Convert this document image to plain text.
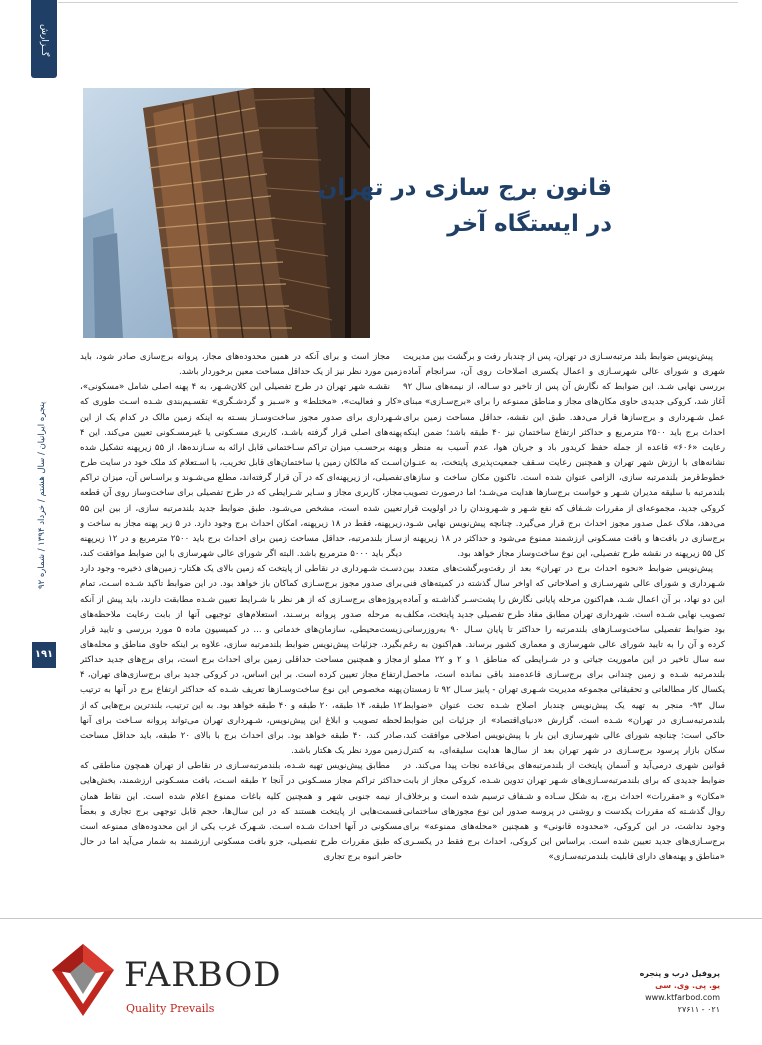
گــزارش
قانون برج سازی در تهران
در ایستگاه آخر

پیش‌نویس ضوابط بلند مرتبه‌سـازی در تهران، پس از چندبار رفت و برگشت بین مدیریت شهری و شورای عالی شهرسـازی و اعمال یکسری اصلاحات روی آن، سرانجام آماده بررسی نهایی شـد. این ضوابط که نگارش آن پس از تاخیر دو سـاله، از نیمه‌های سال ۹۲ آغاز شد، کروکی جدیدی حاوی مکان‌های مجاز و مناطق ممنوعه را برای «برج‌سـازی» مبنای عمل شـهرداری و برج‌سازها قرار می‌دهد. طبق این نقشه، حداقل مساحت زمین برای احداث برج باید ۲۵۰۰ مترمربع و حداکثر ارتفاع ساختمان نیز ۴۰ طبقه باشد؛ ضمن اینکه رعایت «۶۰۶» قاعده از جمله حفظ کریدور باد و جریان هوا، عدم آسیب به منظر و نشانه‌های با ارزش شهر تهران و همچنین رعایت سـقف جمعیت‌پذیری پایتخت، به عنـوان خطوط‌قرمز بلندمرتبه سازی، الزامی عنوان شده است. تاکنون مکان ساخت و سازهای بلندمرتبه با سلیقه مدیران شـهر و خواست برج‌سازها هدایت می‌شـد؛ اما درصورت تصویب کروکی جدید، مجموعه‌ای از مقررات شـفاف که نفع شـهر و شـهروندان را در اولویت قرار می‌دهد، ملاک عمل صدور مجوز احداث برج قرار می‌گیرد. چنانچه پیش‌نویس نهایی شـود، برج‌سازی در بافت‌ها و بافت مسـکونی ارزشمند ممنوع می‌شود و حداکثر در ۱۸ زیرپهنه از کل ۵۵ زیرپهنه در نقشه طرح تفصیلی، این نوع ساخت‌وساز مجاز خواهد بود.

پیش‌نویس ضوابط «نحوه احداث برج در تهران» بعد از رفت‌وبرگشت‌های متعدد بین شـهرداری و شورای عالی شهرسـازی و اصلاحاتی که اواخر سال گذشته در کمیته‌های فنی این دو نهاد، بر آن اعمال شـد، هم‌اکنون مرحله پایانی نگارش را پشت‌سـر گذاشـته و آماده تصویب نهایی شـده است. شهرداری تهران مطابق مفاد طرح تفصیلی جدید پایتخت، مکلف بود ضوابط تفصیلی ساخت‌وسـازهای بلندمرتبه را حداکثر تا پایان سـال ۹۰ به‌روزرسانی کرده و آن را به تایید شورای عالی شهرسازی و معماری کشور برساند. هم‌اکنون به رغم سه سال تاخیر در این ماموریت جیاتی و در شـرایطی که مناطق ۱ و ۲ و ۲۲ مملو از بلندمرتبه شـده و زمین چندانی برای برج‌سـازی قاعده‌مند باقی نمانده است، ماحصل یکسال کار مطالعاتی و تحقیقاتی مجموعه مدیریت شـهری تهران - پاییز سـال ۹۲ تا زمستان سال ۹۳- منجر به تهیه یک پیش‌نویس چندبار اصلاح شـده تحت عنوان «ضوابط بلندمرتبه‌سـازی در تهران» شـده است. گزارش «دنیای‌اقتصاد» از جزئیات این ضوابط حاکی است: چنانچه شورای عالی شهرسازی این بار با پیش‌نویس اصلاحی موافقت کند، سکان بازار پرسود برج‌سـازی در شهر تهران بعد از سال‌ها هدایت سلیقه‌ای، به کنترل قوانین شهری درمی‌آید و آسمان پایتخت از بلندمرتبه‌های بی‌قاعده نجات پیدا می‌کند. در ضوابط جدیدی که برای بلندمرتبه‌سـازی‌های شـهر تهران تدوین شـده، کروکی مجاز از بابت «مکان» و «مقررات» احداث برج، به شکل سـاده و شـفاف ترسیم شده است و برخلاف روال گذشـته که مقررات یکدست و روشنی در پروسه صدور این نوع مجوزهای ساختمانی وجود نداشت، در این کروکی، «محدوده قانونی» و همچنین «محله‌های ممنوعه» برای برج‌سـازی‌های جدید تعیین شده است. براساس این کروکی، احداث برج فقط در یکسـری «مناطق و پهنه‌های دارای قابلیت بلندمرتبه‌سـازی»

مجاز است و برای آنکه در همین محدوده‌های مجاز، پروانه برج‌سازی صادر شود، باید زمین مورد نظر نیز از یک حداقل مساحت معین برخوردار باشد.

نقشـه شهر تهران در طرح تفصیلی این کلان‌شـهر، به ۴ پهنه اصلی شامل «مسکونی»، «کار و فعالیت»، «مختلط» و «سـبز و گردشـگری» تقسـیم‌بندی شـده اسـت طوری که شـهرداری برای صدور مجوز ساخت‌وسـاز بسـته به اینکه زمین مالک در کدام یک از این پهنه‌های اصلی قرار گرفته باشـد، کاربری مسـکونی یا غیرمسـکونی تعیین می‌کند. این ۴ پهنه برحسـب میزان تراکم سـاختمانی قابل ارائه به سـازنده‌ها، از ۵۵ زیرپهنه تشکیل شده اسـت که مالکان زمین یا ساختمان‌های قابل تخریب، با اسـتعلام کد ملک خود در سایت طرح تفصیلی، از زیرپهنه‌ای که در آن قرار گرفته‌اند، مطلع می‌شـوند و براسـاس آن، میزان تراکم مجاز، کاربری مجاز و سـایر شـرایطی که در طرح تفصیلی برای ساخت‌وساز روی آن قطعه تعیین شده است، مشخص می‌شـود. طبق ضوابط جدید بلندمرتبه سازی، از بین این ۵۵ زیرپهنه، فقط در ۱۸ زیرپهنه، امکان احداث برج وجود دارد. در ۵ زیر پهنه مجاز به ساخت و سـاز بلندمرتبه، حداقل مساحت زمین برای احداث برج باید ۲۵۰۰ مترمربع و در ۱۲ زیرپهنه دیگر باید ۵۰۰۰ مترمربع باشد. البته اگر شورای عالی شهرسازی با این ضوابط موافقت کند، دسـت شـهرداری در نقاطی از پایتخت که زمین بالای یک هکتار- زمین‌های ذخیره- وجود دارد برای صدور مجوز برج‌سـازی کماکان باز خواهد بود. در این ضوابط تاکید شـده اسـت، تمام پروژه‌های برج‌سـازی که از هر نظر با شـرایط تعیین شـده مطابقت دارند، باید پیش از آنکه به مرحله صدور پروانه برسـند، استعلام‌های توجیهی آنها از بابت رعایت ملاحظه‌های زیست‌محیطی، سازمان‌های خدماتی و ... در کمیسیون ماده ۵ مورد بررسی و تایید قرار بگیرد. جزئیات پیش‌نویس ضوابط بلندمرتبه سازی، علاوه بر اینکه حاوی مناطق و محله‌های مجاز و همچنین مساحت حداقلی زمین برای احداث برج است، برای برج‌های جدید حداکثر ارتفاع مجاز تعیین کرده است. بر این اساس، در کروکی جدید برای برج‌سازی‌های تهران، ۴ پهنه مخصوص این نوع ساخت‌وسـازها تعریف شـده که حداکثر ارتفاع برج در آنها به ترتیب ۱۲ طبقه، ۱۴ طبقه، ۲۰ طبقه و ۴۰ طبقه خواهد بود. به این ترتیب، بلندترین برج‌هایی که از لحظه تصویب و ابلاغ این پیش‌نویس، شـهرداری تهران می‌تواند پروانه سـاخت برای آنها صادر کند، ۴۰ طبقه خواهد بود. برای احداث برج با بالای ۲۰ طبقه، باید حداقل مساحت زمین مورد نظر یک هکتار باشد.

مطابق پیش‌نویس تهیه شـده، بلندمرتبه‌سـازی در نقاطی از تهران همچون مناطقی که حداکثر تراکم مجاز مسـکونی در آنجا ۲ طبقه اسـت، بافت مسـکونی ارزشمند، بخش‌هایی از نیمه جنوبی شهر و همچنین کلیه باغات ممنوع اعلام شده است. این نقاط همان قسمت‌هایی از پایتخت هستند که در این سال‌ها، حجم قابل توجهی برج تجاری و بعضاً مسکونی در آنها احداث شـده اسـت. شـهرک غرب یکی از این محدوده‌های ممنوعه است که طبق مقررات طرح تفصیلی، جزو بافت مسکونی ارزشمند به شمار می‌آید اما در حال حاضر انبوه برج تجاری

پنجره ایرانیان / سال هشتم / خرداد ۱۳۹۴ / شماره ۹۲
۱۹۱
FARBOD
Quality Prevails
پروفیل درب و پنجره
یو. پی. وی. سی
www.ktfarbod.com
۰۲۱ - ۲۷۶۱۱
